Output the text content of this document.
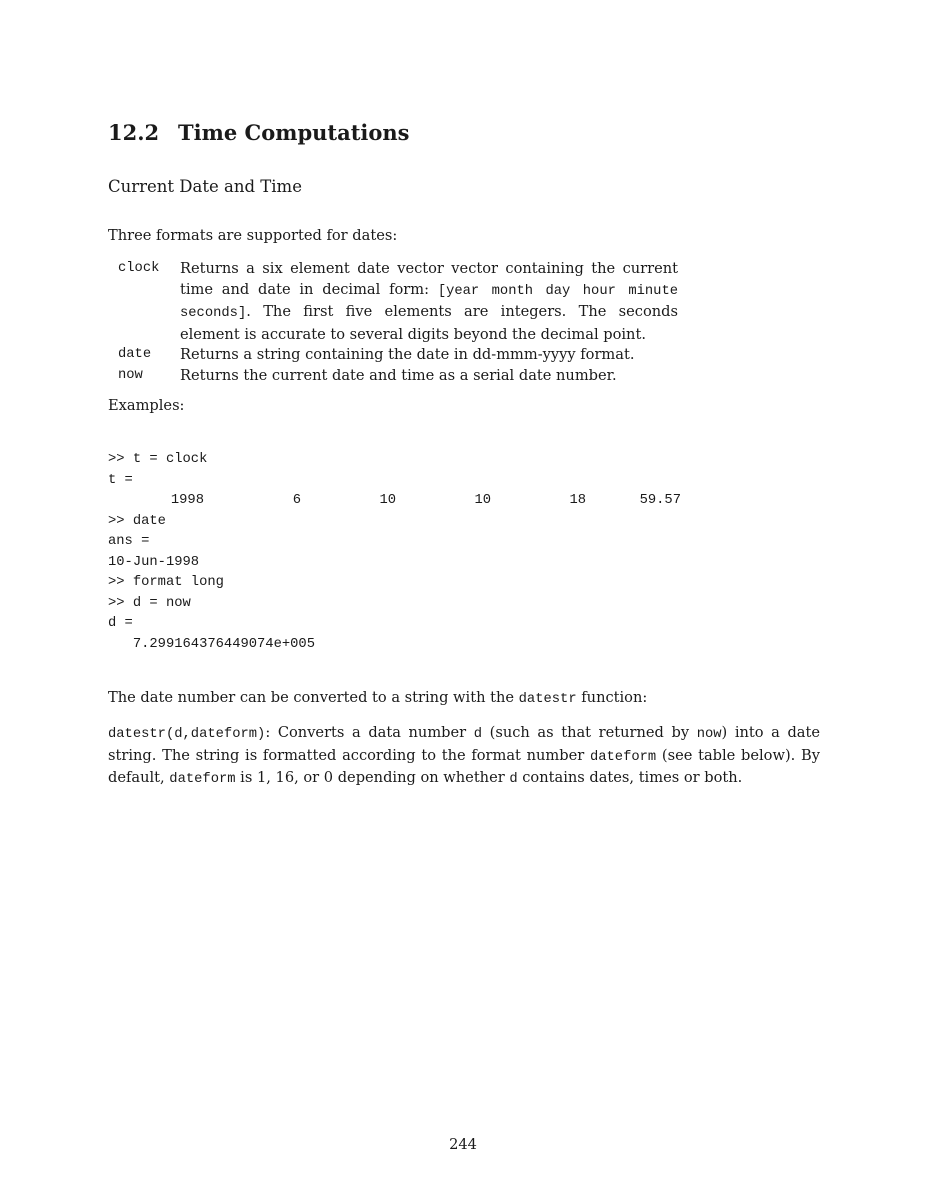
12.2 Time Computations
Current Date and Time

Three formats are supported for dates:

clock	Returns a six element date vector vector containing the current time and date in decimal form: [year month day hour minute seconds]. The first five elements are integers. The seconds element is accurate to several digits beyond the decimal point.
date	Returns a string containing the date in dd-mmm-yyyy format.
now	Returns the current date and time as a serial date number.

Examples:

>> t = clock
t =
1998	6	10	10	18	59.57
>> date
ans =
10-Jun-1998
>> format long
>> d = now
d =
7.299164376449074e+005

The date number can be converted to a string with the datestr function:

datestr(d,dateform): Converts a data number d (such as that returned by now) into a date string. The string is formatted according to the format number dateform (see table below). By default, dateform is 1, 16, or 0 depending on whether d contains dates, times or both.

244
